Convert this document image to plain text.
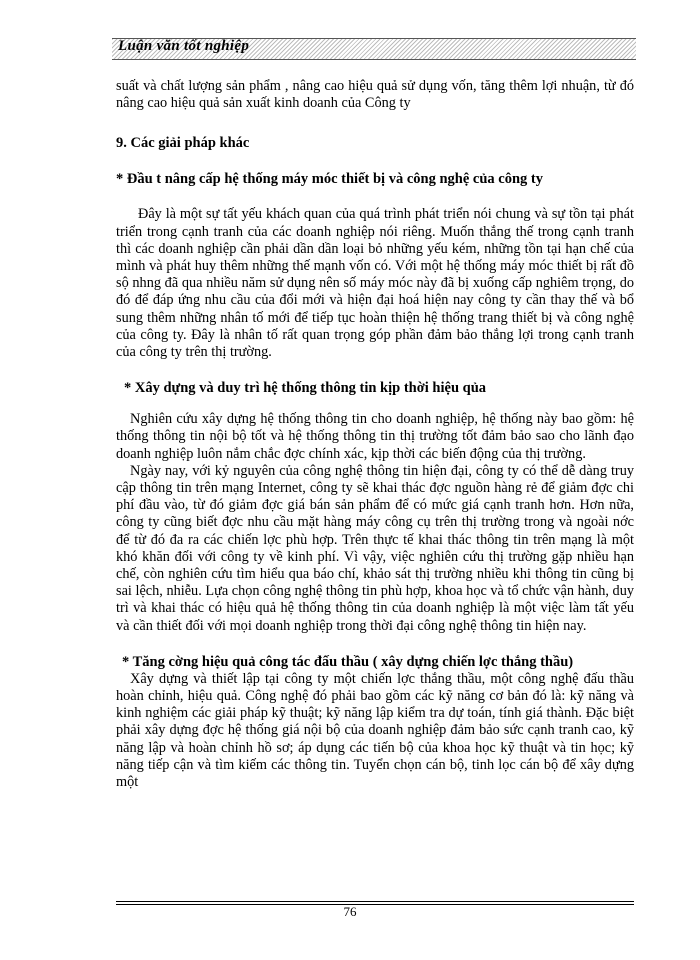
Luận văn tốt nghiệp

suất và chất lượng sản phẩm , nâng cao hiệu quả sử dụng vốn, tăng thêm lợi nhuận, từ đó nâng cao hiệu quả sản xuất kinh doanh của Công ty

9. Các giải pháp khác

* Đầu t nâng cấp hệ thống máy móc thiết bị và công nghệ của công ty

Đây là một sự tất yếu khách quan của quá trình phát triển nói chung và sự tồn tại phát triển trong cạnh tranh của các doanh nghiệp nói riêng. Muốn thắng thế trong cạnh tranh thì các doanh nghiệp cần phải dần dần loại bỏ những yếu kém, những tồn tại hạn chế của mình và phát huy thêm những thế mạnh vốn có. Với một hệ thống máy móc thiết bị rất đồ sộ nhng đã qua nhiều năm sử dụng nên số máy móc này đã bị xuống cấp nghiêm trọng, do đó để đáp ứng nhu cầu của đổi mới và hiện đại hoá hiện nay công ty cần thay thế và bổ sung thêm những nhân tố mới để tiếp tục hoàn thiện hệ thống trang thiết bị và công nghệ của công ty. Đây là nhân tố rất quan trọng góp phần đảm bảo thắng lợi trong cạnh tranh của công ty trên thị trường.

* Xây dựng và duy trì hệ thống thông tin kịp thời hiệu qủa

Nghiên cứu xây dựng hệ thống thông tin cho doanh nghiệp, hệ thống này bao gồm: hệ thống thông tin nội bộ tốt và hệ thống thông tin thị trường tốt đảm bảo sao cho lãnh đạo doanh nghiệp luôn nắm chắc đợc chính xác, kịp thời các biến động của thị trường.

Ngày nay, với kỷ nguyên của công nghệ thông tin hiện đại, công ty có thể dễ dàng truy cập thông tin trên mạng Internet, công ty sẽ khai thác đợc nguồn hàng rẻ để giảm đợc chi phí đầu vào, từ đó giảm đợc giá bán sản phẩm để có mức giá cạnh tranh hơn. Hơn nữa, công ty cũng biết đợc nhu cầu mặt hàng máy công cụ trên thị trường trong và ngoài nớc để từ đó đa ra các chiến lợc phù hợp. Trên thực tế khai thác thông tin trên mạng là một khó khăn đối với công ty về kinh phí. Vì vậy, việc nghiên cứu thị trường gặp nhiều hạn chế, còn nghiên cứu tìm hiểu qua báo chí, khảo sát thị trường nhiều khi thông tin cũng bị sai lệch, nhiễu. Lựa chọn công nghệ thông tin phù hợp, khoa học và tổ chức vận hành, duy trì và khai thác có hiệu quả hệ thống thông tin của doanh nghiệp là một việc làm tất yếu và cần thiết đối với mọi doanh nghiệp trong thời đại công nghệ thông tin hiện nay.

* Tăng cờng hiệu quả công tác đấu thầu ( xây dựng chiến lợc thắng thầu)

Xây dựng và thiết lập tại công ty một chiến lợc thắng thầu, một công nghệ đấu thầu hoàn chỉnh, hiệu quả. Công nghệ đó phải bao gồm các kỹ năng cơ bản đó là: kỹ năng và kinh nghiệm các giải pháp kỹ thuật; kỹ năng lập kiểm tra dự toán, tính giá thành. Đặc biệt phải xây dựng đợc hệ thống giá nội bộ của doanh nghiệp đảm bảo sức cạnh tranh cao, kỹ năng lập và hoàn chỉnh hồ sơ; áp dụng các tiến bộ của khoa học kỹ thuật và tin học; kỹ năng tiếp cận và tìm kiếm các thông tin. Tuyển chọn cán bộ, tinh lọc cán bộ để xây dựng một

76
